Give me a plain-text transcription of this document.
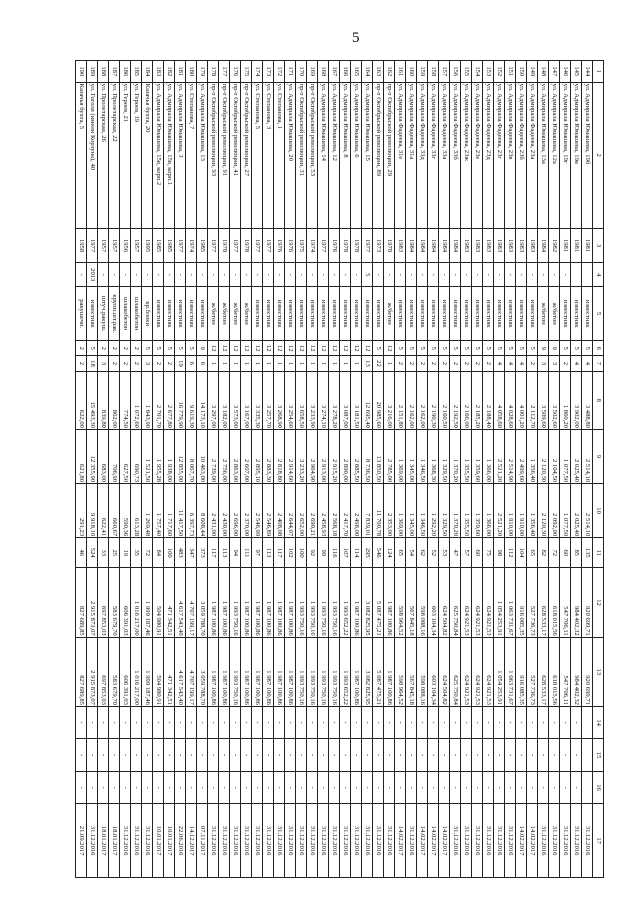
5
1	2	3	4	5	6	7	8	9	10	11	12	13	14	15	16	17
144	ул. Адмирала Юмашева, 19б	1981		известняк	5	4	3 488,80	2 514,10	2 514,10	135	920 699,71	920 699,71				31.12.2016
145	ул. Адмирала Юмашева, 19в	1981		известняк	5	4	3 902,00	2 025,40	2 025,40	85	984 402,32	984 402,32	-	-	-	31.12.2016
146	ул. Адмирала Юмашева, 19г	1981	-	известняк	5	2	1 860,20	1 077,50	1 077,50	60	547 706,11	547 706,11	-	-	-	31.12.2016
147	ул. Адмирала Юмашева, 12а	1982	-	ж/бетон	9	3	3 502,60	2 104,50	2 092,00	72	618 015,56	618 015,56	-	-	-	31.12.2016
148	ул. Адмирала Юмашева, 13а	1984	-	ж/бетон	9	3	3 509,60	2 120,30	2 120,30	82	628 533,17	628 533,17	-	-	-	31.12.2016
149	ул. Адмирала Фадеева, 23а	1983	-	известняк	5	2	2 112,70	1 356,40	1 356,40	65	527 736,73	527 736,73	-	-	-	14.02.2017
150	ул. Адмирала Фадеева, 23б	1983	-	известняк	5	4	4 001,20	2 499,60	1 910,00	104	916 085,35	916 085,35	-	-	-	14.02.2017
151	ул. Адмирала Фадеева, 23в	1983	-	известняк	5	4	4 028,60	2 514,90	1 910,00	112	1 063 731,67	1 063 731,67	-	-	-	31.12.2016
152	ул. Адмирала Фадеева, 23г	1983	-	известняк	5	4	4 058,60	2 521,20	2 521,20	98	1 054 253,91	1 054 253,91	-	-	-	31.12.2016
153	ул. Адмирала Фадеева, 23д	1983	-	известняк	5	2	2 188,40	1 366,00	1 366,00	75	624 921,53	624 921,53	-	-	-	31.12.2016
154	ул. Адмирала Фадеева, 23е	1983	-	известняк	5	2	2 185,20	1 359,60	1 359,60	60	624 921,53	624 921,53	-	-	-	31.12.2016
155	ул. Адмирала Фадеева, 23ж	1983	-	известняк	5	2	2 166,00	1 355,50	1 355,50	57	624 921,53	624 921,53	-	-	-	31.12.2016
156	ул. Адмирала Фадеева, 33б	1984	-	известняк	5	2	2 192,50	1 370,20	1 370,20	47	625 750,84	625 750,84	-	-	-	31.12.2016
157	ул. Адмирала Фадеева, 33а	1984	-	известняк	5	2	2 160,50	1 329,50	1 329,50	53	624 504,82	624 504,82	-	-	-	14.02.2017
158	ул. Адмирала Фадеева, 33г	1984	-	известняк	5	2	2 190,30	1 368,30	1 292,20	52	603 104,34	603 104,34	-	-	-	14.02.2017
159	ул. Адмирала Фадеева, 33д	1984	-	известняк	5	2	2 162,00	1 346,50	1 346,50	62	598 088,16	598 088,16	-	-	-	14.02.2017
160	ул. Адмирала Фадеева, 31а	1984	-	известняк	5	2	2 162,00	1 345,00	1 345,00	54	567 845,18	567 845,18	-	-	-	31.12.2016
161	ул. Адмирала Фадеева, 31е	1983	-	известняк	5	2	2 151,80	1 369,00	1 369,00	65	598 964,52	598 964,52	-	-	-	14.02.2017
162	пр-т Октябрьской революции, 29	1978	-	ж/бетон	12	1	3 216,00	2 785,00	2 353,00	124	1 987 100,86	1 987 100,86	-	-	-	31.12.2016
163	пр-т Октябрьской революции, 89	1973	-	известняк	5	22	20 985,60	13 850,50	11 700,78	546	5 087 475,21	5 087 475,21	-	-	-	31.12.2016
164	ул. Адмирала Юмашева, 15	1977	5	известняк	12	13	12 695,40	8 736,50	7 839,01	295	3 082 825,95	3 082 825,95	-	-	-	31.12.2016
165	ул. Адмирала Юмашева, 6	1978	-	известняк	12	1	3 181,50	2 885,50	2 498,00	114	1 987 100,86	1 987 100,86	-	-	-	31.12.2016
166	ул. Адмирала Юмашева, 8	1978	-	известняк	12	1	3 087,00	2 890,00	2 417,70	107	1 993 652,22	1 993 652,22	-	-	-	31.12.2016
167	ул. Адмирала Юмашева, 12	1976	-	известняк	12	1	3 278,20	2 915,20	2 568,18	116	1 993 750,16	1 993 750,16	-	-	-	31.12.2016
168	ул. Адмирала Юмашева, 14	1977	-	известняк	12	1	3 274,10	2 913,00	2 458,93	99	1 993 750,16	1 993 750,16	-	-	-	31.12.2016
169	пр-т Октябрьской революции, 53	1974	-	известняк	12	1	3 233,90	2 964,90	2 690,21	92	1 993 750,16	1 993 750,16	-	-	-	31.12.2016
170	пр-т Октябрьской революции, 31	1975	-	известняк	12	1	3 658,50	3 233,20	2 652,00	100	1 993 750,16	1 993 750,16	-	-	-	31.12.2016
171	ул. Адмирала Юмашева, 20	1976	-	известняк	12	1	3 254,60	2 914,60	2 644,07	102	1 987 100,86	1 987 100,86	-	-	-	31.12.2016
172	ул. Степанова, 1	1976	-	известняк	12	1	3 268,90	2 818,80	2 408,08	117	1 987 100,86	1 987 100,86	-	-	-	31.12.2016
173	ул. Степанова, 3	1977	-	известняк	12	1	3 257,70	2 883,30	2 546,89	113	1 987 100,86	1 987 100,86	-	-	-	31.12.2016
174	ул. Степанова, 5	1977	-	известняк	12	1	3 335,30	2 895,10	2 546,99	97	1 987 100,86	1 987 100,86	-	-	-	31.12.2016
175	пр-т Октябрьской революции, 27	1978	-	ж/бетон	12	1	3 167,00	2 607,00	2 370,00	111	1 987 100,86	1 987 100,86	-	-	-	31.12.2016
176	пр-т Октябрьской революции, 41	1977	-	ж/бетон	12	1	3 573,00	2 863,00	2 696,00	94	1 993 750,16	1 993 750,16	-	-	-	31.12.2016
177	пр-т Октябрьской революции, 91	1978	-	ж/бетон	12	1	3 182,00	2 756,00	2 430,00	113	1 987 100,86	1 987 100,86	-	-	-	31.12.2016
178	пр-т Октябрьской революции, 93	1977	-	ж/бетон	12	1	3 297,00	2 739,00	2 431,00	117	1 987 100,86	1 987 100,86	-	-	-	31.12.2016
179	ул. Адмирала Юмашева, 13	1985	-	известняк	9	6	14 173,10	10 463,00	8 608,44	373	3 059 788,70	3 059 788,70	-	-	-	07.11.2017
180	ул. Степанова, 7	1974	-	известняк	5	6	9 619,30	8 067,70	6 397,73	347	4 707 199,17	4 707 199,17	-	-	-	14.12.2017
181	ул. Адмирала Юмашева, 3	1977	-	известняк	5	19	16 779,90	12 855,00	11 417,50	483	4 617 543,40	4 617 543,40	-	-	-	22.06.2016
182	ул. Адмирала Юмашева, 15в, корп.1	1985	-	известняк	5	2	2 677,80	1 938,00	1 717,60	100	471 342,51	471 342,51	-	-	-	10.01.2017
183	ул. Адмирала Юмашева, 15в, корп.2	1985	-	известняк	5	2	2 701,70	1 955,28	1 757,40	84	504 980,91	504 980,91	-	-	-	10.01.2017
184	Казачья бухта, 20	1995	-	кр.блоки	5	3	1 843,90	1 521,50	1 269,48	72	1 999 187,46	1 999 187,46	-	-	-	31.12.2016
185	ул. Героев, 19	1957	-	шлакобетон	2	2	1 072,60	690,73	613,28	35	1 016 217,00	1 016 217,00	-	-	-	31.12.2016
186	ул. Героев, 21	1956	-	шлакобетон	2	2	774,50	627,50	590,36	19	606 391,03	606 391,03	-	-	-	31.12.2016
187	ул. Пролетарская, 22	1957	-	крупн.шт.рак.	2	2	862,00	706,90	660,67	25	583 679,70	583 679,70	-	-	-	18.01.2017
188	ул. Пролетарская, 26	1957	-	штуч.ракуш.	2	3	839,80	683,00	622,41	33	697 853,03	697 853,03	-	-	-	18.01.2017
189	ул. Гоголя (имени Корзуна), 40	1977	2013	известняк	5	18	15 493,30	12 355,90	9 918,10	524	2 915 873,07	2 915 873,07	-	-	-	31.12.2016
190	Казачья бухта, 5	1958	-	ракушечн.	2	2	622,00	621,80	291,23	46	827 689,85	827 689,85	-	-	-	21.09.2017
